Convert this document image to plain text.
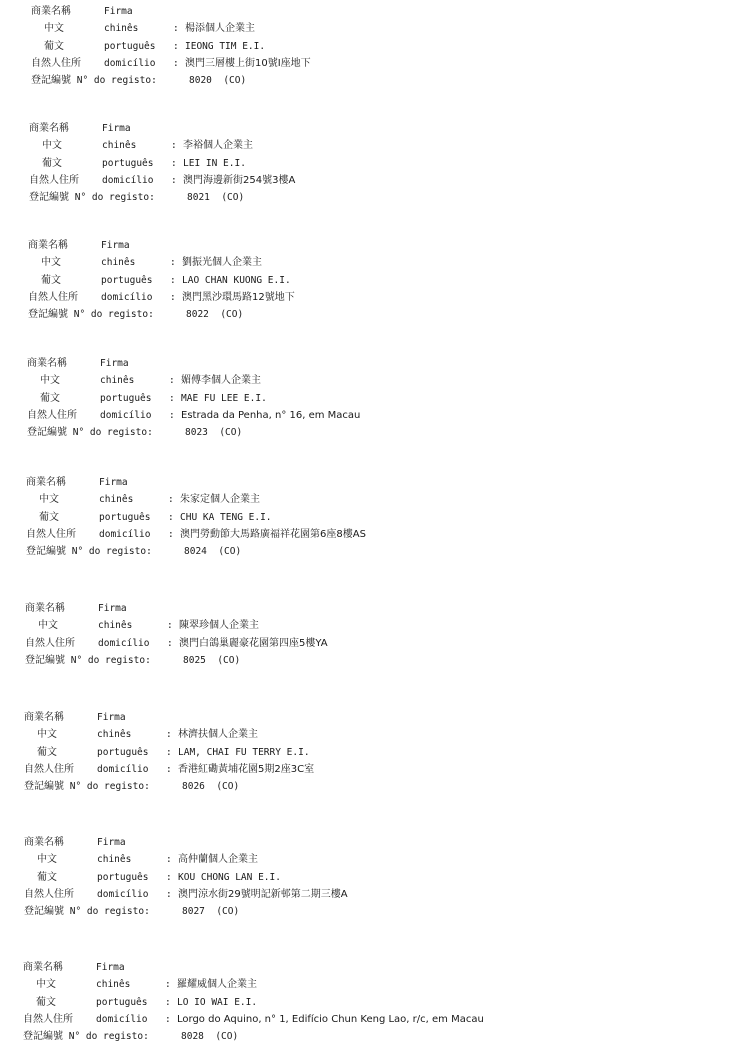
商業名稱	Firma
中文	chinês	: 楊添個人企業主
葡文	português : IEONG TIM E.I.
自然人住所 domicílio : 澳門三層樓上街10號I座地下
登記編號 N° do registo:	8020  (CO)
商業名稱	Firma
中文	chinês	: 李裕個人企業主
葡文	português : LEI IN E.I.
自然人住所 domicílio : 澳門海邊新街254號3樓A
登記編號 N° do registo:	8021  (CO)
商業名稱	Firma
中文	chinês	: 劉振光個人企業主
葡文	português : LAO CHAN KUONG E.I.
自然人住所 domicílio : 澳門黑沙環馬路12號地下
登記編號 N° do registo:	8022  (CO)
商業名稱	Firma
中文	chinês	: 媚傅李個人企業主
葡文	português : MAE FU LEE E.I.
自然人住所 domicílio : Estrada da Penha, n° 16, em Macau
登記編號 N° do registo:	8023  (CO)
商業名稱	Firma
中文	chinês	: 朱家定個人企業主
葡文	português : CHU KA TENG E.I.
自然人住所 domicílio : 澳門勞動節大馬路廣福祥花園第6座8樓AS
登記編號 N° do registo:	8024  (CO)
商業名稱	Firma
中文	chinês	: 陳翠珍個人企業主
自然人住所 domicílio : 澳門白鴿巢麗豪花園第四座5樓YA
登記編號 N° do registo:	8025  (CO)
商業名稱	Firma
中文	chinês	: 林濟扶個人企業主
葡文	português : LAM, CHAI FU TERRY E.I.
自然人住所 domicílio : 香港紅磡黃埔花園5期2座3C室
登記編號 N° do registo:	8026  (CO)
商業名稱	Firma
中文	chinês	: 高仲蘭個人企業主
葡文	português : KOU CHONG LAN E.I.
自然人住所 domicílio : 澳門涼水街29號明記新邨第二期三樓A
登記編號 N° do registo:	8027  (CO)
商業名稱	Firma
中文	chinês	: 羅耀威個人企業主
葡文	português : LO IO WAI E.I.
自然人住所 domicílio : Lorgo do Aquino, n° 1, Edifício Chun Keng Lao, r/c, em Macau
登記編號 N° do registo:	8028  (CO)
